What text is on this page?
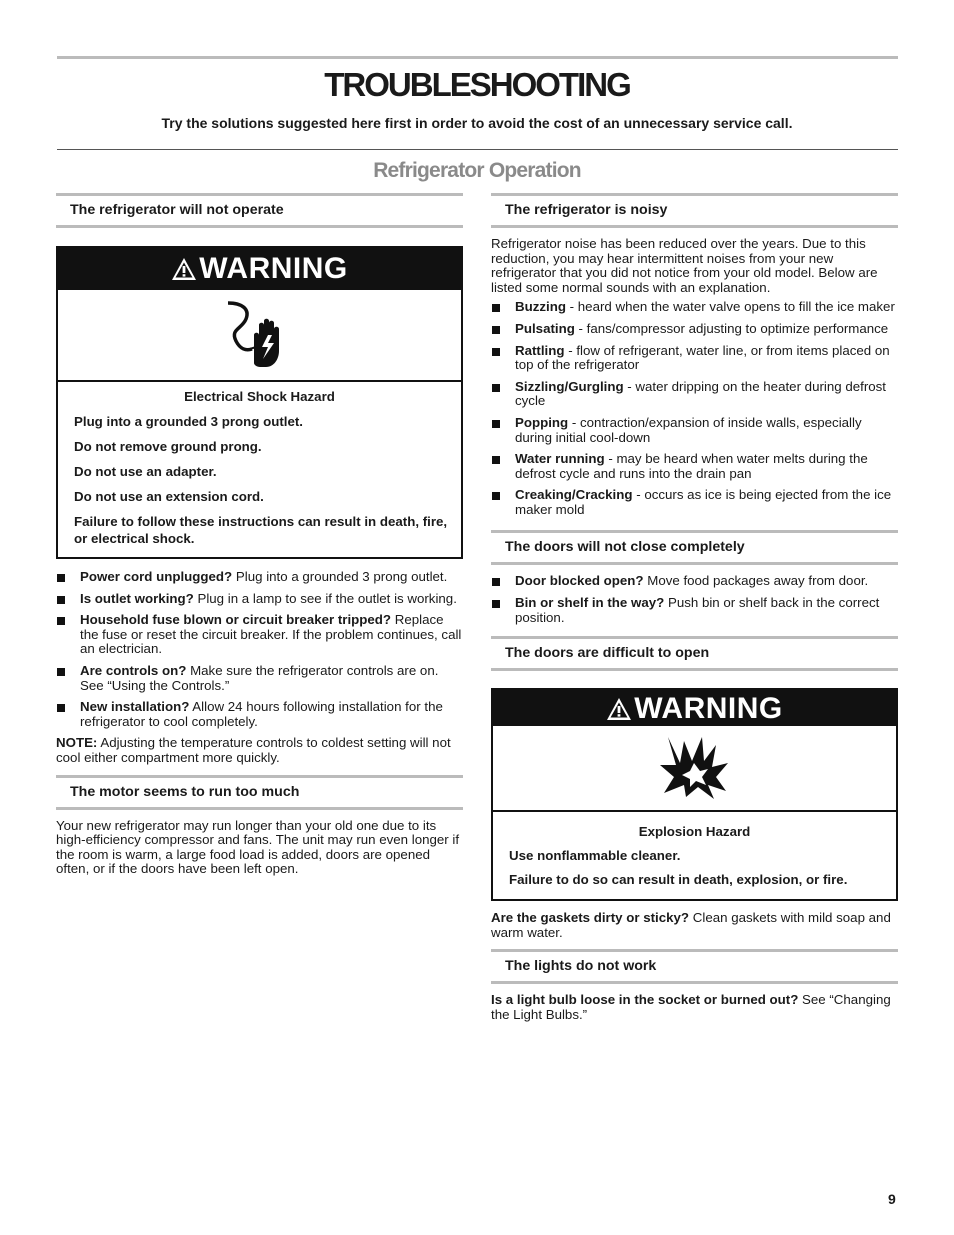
TROUBLESHOOTING
Try the solutions suggested here first in order to avoid the cost of an unnecessary service call.
Refrigerator Operation
The refrigerator will not operate
WARNING

Electrical Shock Hazard

Plug into a grounded 3 prong outlet.

Do not remove ground prong.

Do not use an adapter.

Do not use an extension cord.

Failure to follow these instructions can result in death, fire, or electrical shock.

Power cord unplugged? Plug into a grounded 3 prong outlet.
Is outlet working? Plug in a lamp to see if the outlet is working.
Household fuse blown or circuit breaker tripped? Replace the fuse or reset the circuit breaker. If the problem continues, call an electrician.
Are controls on? Make sure the refrigerator controls are on. See “Using the Controls.”
New installation? Allow 24 hours following installation for the refrigerator to cool completely.

NOTE: Adjusting the temperature controls to coldest setting will not cool either compartment more quickly.

The motor seems to run too much

Your new refrigerator may run longer than your old one due to its high-efficiency compressor and fans. The unit may run even longer if the room is warm, a large food load is added, doors are opened often, or if the doors have been left open.

The refrigerator is noisy

Refrigerator noise has been reduced over the years. Due to this reduction, you may hear intermittent noises from your new refrigerator that you did not notice from your old model. Below are listed some normal sounds with an explanation.

Buzzing - heard when the water valve opens to fill the ice maker
Pulsating - fans/compressor adjusting to optimize performance
Rattling - flow of refrigerant, water line, or from items placed on top of the refrigerator
Sizzling/Gurgling - water dripping on the heater during defrost cycle
Popping - contraction/expansion of inside walls, especially during initial cool-down
Water running - may be heard when water melts during the defrost cycle and runs into the drain pan
Creaking/Cracking - occurs as ice is being ejected from the ice maker mold
The doors will not close completely
Door blocked open? Move food packages away from door.
Bin or shelf in the way? Push bin or shelf back in the correct position.
The doors are difficult to open
WARNING

Explosion Hazard

Use nonflammable cleaner.

Failure to do so can result in death, explosion, or fire.

Are the gaskets dirty or sticky? Clean gaskets with mild soap and warm water.

The lights do not work

Is a light bulb loose in the socket or burned out? See “Changing the Light Bulbs.”

9
